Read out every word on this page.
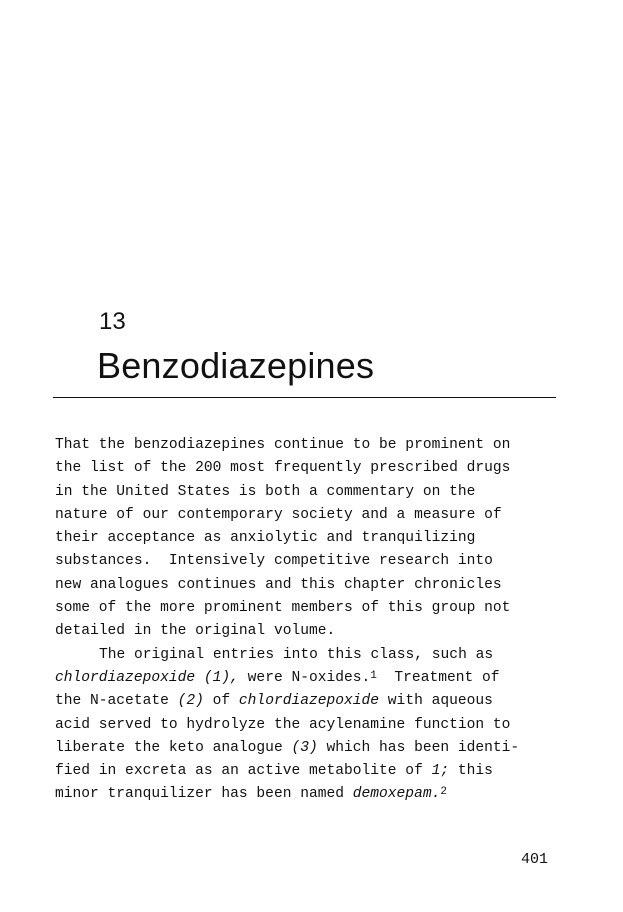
13
Benzodiazepines
That the benzodiazepines continue to be prominent on
the list of the 200 most frequently prescribed drugs
in the United States is both a commentary on the
nature of our contemporary society and a measure of
their acceptance as anxiolytic and tranquilizing
substances.  Intensively competitive research into
new analogues continues and this chapter chronicles
some of the more prominent members of this group not
detailed in the original volume.
The original entries into this class, such as
chlordiazepoxide (1), were N-oxides.$^1$  Treatment of
the N-acetate (2) of chlordiazepoxide with aqueous
acid served to hydrolyze the acylenamine function to
liberate the keto analogue (3) which has been identi-
fied in excreta as an active metabolite of 1; this
minor tranquilizer has been named demoxepam.$^2$
401
